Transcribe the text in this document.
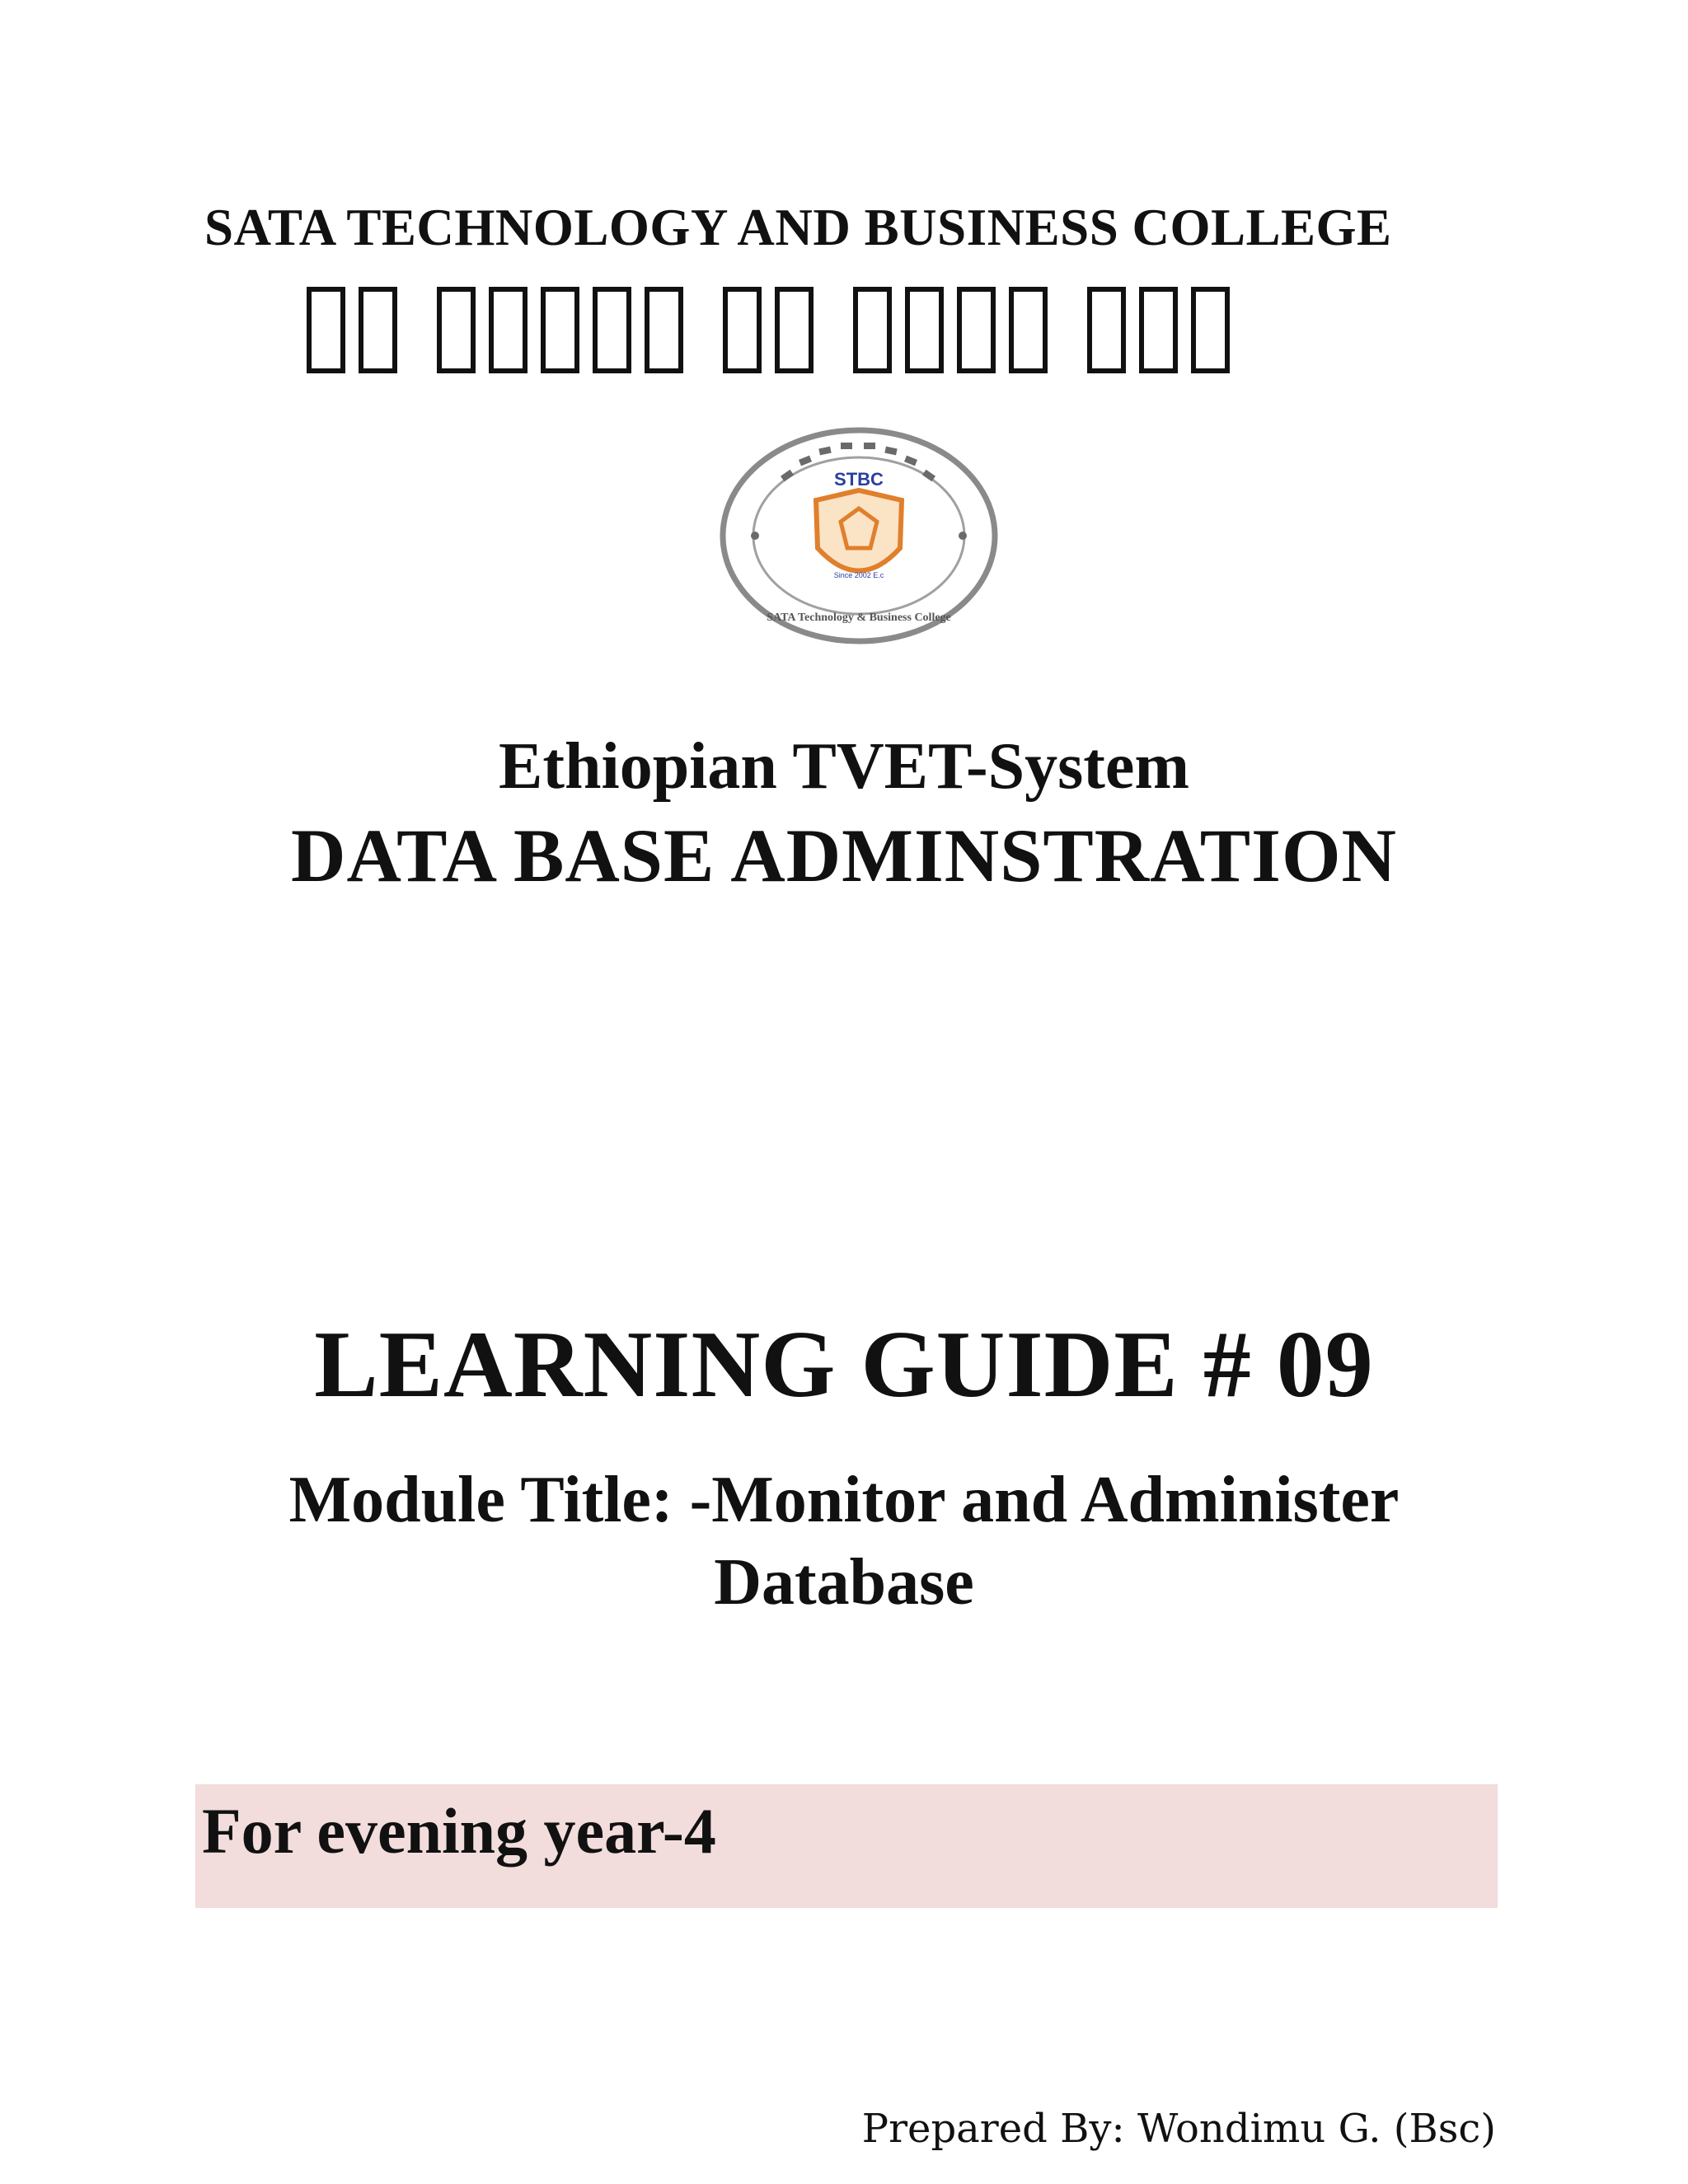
SATA TECHNOLOGY AND BUSINESS COLLEGE
STBC
Since 2002 E.c
SATA Technology & Business College
Ethiopian TVET-System
DATA BASE ADMINSTRATION
LEARNING GUIDE # 09
Module Title: -Monitor and Administer
Database
For evening year-4
Prepared By: Wondimu G. (Bsc)
